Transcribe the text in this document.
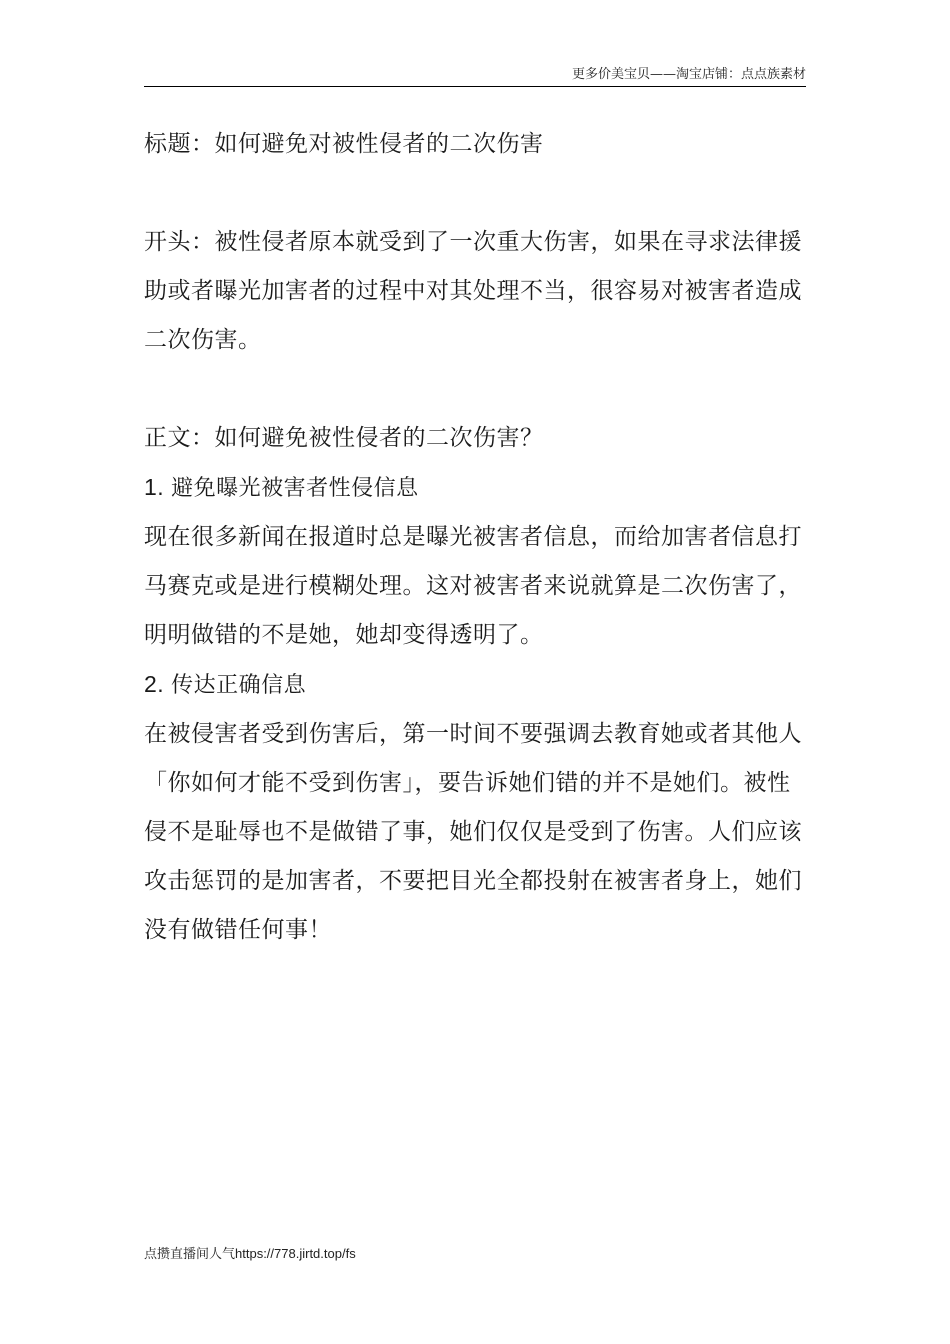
更多价美宝贝——淘宝店铺：点点族素材

标题：如何避免对被性侵者的二次伤害

开头：被性侵者原本就受到了一次重大伤害，如果在寻求法律援助或者曝光加害者的过程中对其处理不当，很容易对被害者造成二次伤害。

正文：如何避免被性侵者的二次伤害？

1. 避免曝光被害者性侵信息

现在很多新闻在报道时总是曝光被害者信息，而给加害者信息打马赛克或是进行模糊处理。这对被害者来说就算是二次伤害了，明明做错的不是她，她却变得透明了。

2. 传达正确信息

在被侵害者受到伤害后，第一时间不要强调去教育她或者其他人「你如何才能不受到伤害」，要告诉她们错的并不是她们。被性侵不是耻辱也不是做错了事，她们仅仅是受到了伤害。人们应该攻击惩罚的是加害者，不要把目光全都投射在被害者身上，她们没有做错任何事！

点攒直播间人气https://778.jirtd.top/fs
